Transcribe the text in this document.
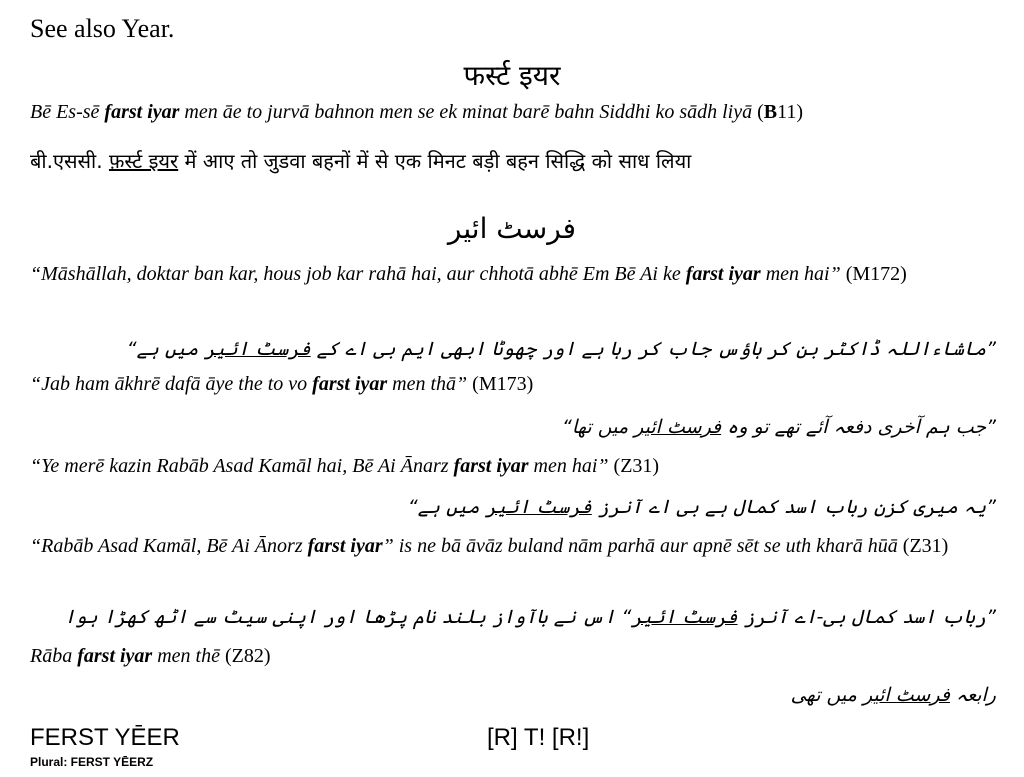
See also Year.
फर्स्ट इयर
Bē Es-sē farst iyar men āe to jurvā bahnon men se ek minat barē bahn Siddhi ko sādh liyā (B11)
बी.एससी. फ़र्स्ट इयर में आए तो जुडवा बहनों में से एक मिनट बड़ी बहन सिद्धि को साध लिया
فرسٹ ائیر
“Māshāllah, doktar ban kar, hous job kar rahā hai, aur chhotā abhē Em Bē Ai ke farst iyar men hai” (M172)
”ماشاءاللہ ڈاکٹر بن کر ہاؤس جاب کر رہا ہے اور چھوٹا ابھی ایم بی اے کے فرسٹ ائیر میں ہے“
“Jab ham ākhrē dafā āye the to vo farst iyar men thā” (M173)
”جب ہم آخری دفعہ آئے تھے تو وہ فرسٹ ائیر میں تھا“
“Ye merē kazin Rabāb Asad Kamāl hai, Bē Ai Ānarz farst iyar men hai” (Z31)
”یہ میری کزن رباب اسد کمال ہے بی اے آنرز فرسٹ ائیر میں ہے“
“Rabāb Asad Kamāl, Bē Ai Ānorz farst iyar” is ne bā āvāz buland nām parhā aur apnē sēt se uth kharā hūā (Z31)
”رباب اسد کمال بی-اے آنرز فرسٹ ائیر“ اس نے باآواز بلند نام پڑھا اور اپنی سیٹ سے اٹھ کھڑا ہوا
Rāba farst iyar men thē (Z82)
رابعہ فرسٹ ائیر میں تھی
FERST YĒER	[R] T! [R!]
Plural: FERST YĒERZ
